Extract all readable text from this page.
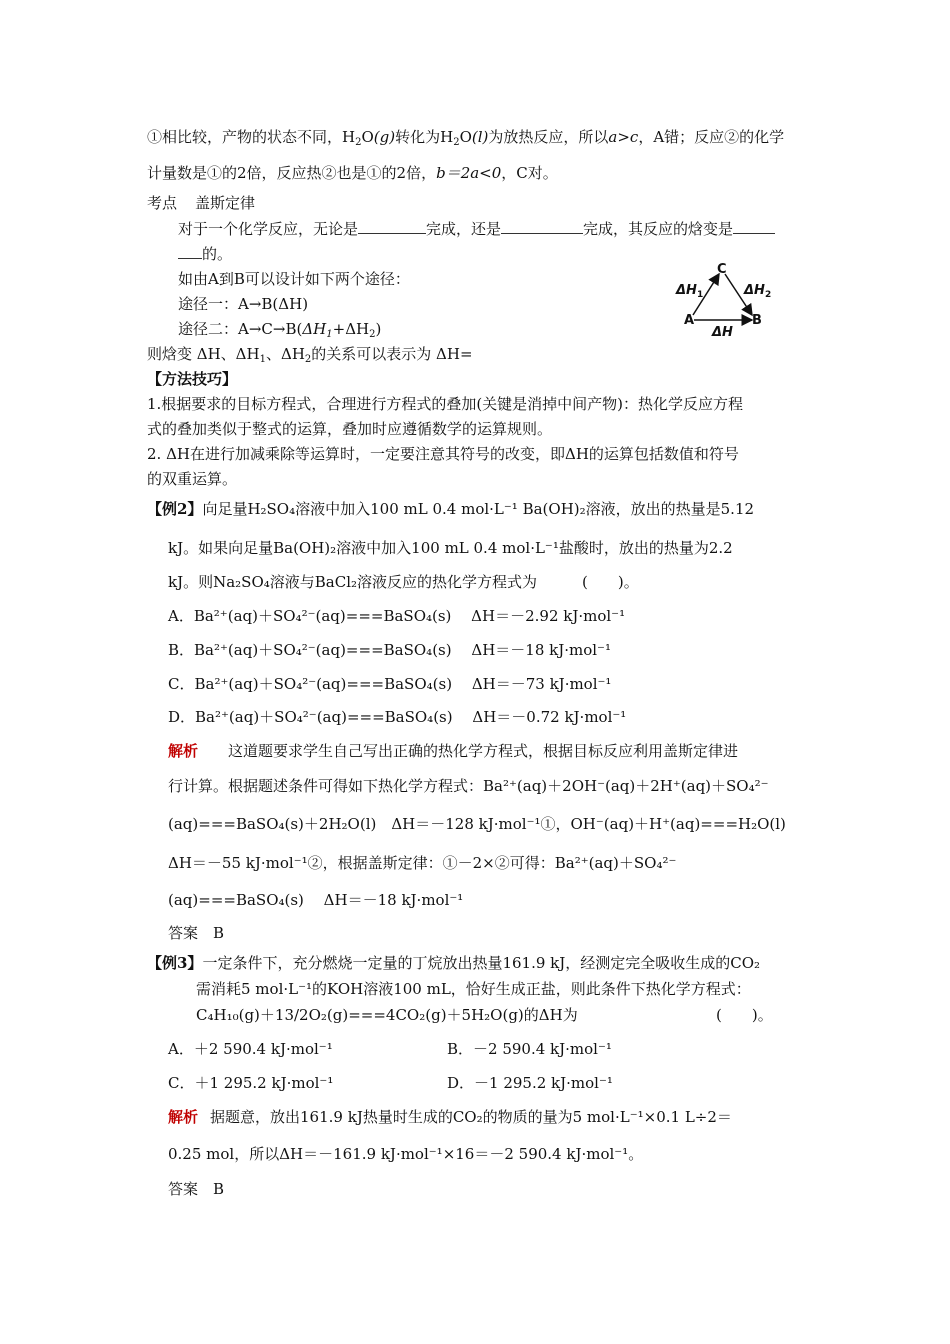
①相比较，产物的状态不同，$H_2O(g)$转化为$H_2O(l)$为放热反应，所以a>c，A错；反应②的化学
计量数是①的2倍，反应热②也是①的2倍，b＝2a<0，C对。
考点 盖斯定律
对于一个化学反应，无论是	完成，还是	完成，其反应的焓变是
的。
如由A到B可以设计如下两个途径：
途径一：A→B(ΔH)
途径二：$A\to C\to B(\Delta H_1+\Delta H_2)$
则焓变 ΔH、$\Delta H_1$、$\Delta H_2$的关系可以表示为 ΔH=
C
A	B
$\Delta H_1$	$\Delta H_2$
ΔH
【方法技巧】
1.根据要求的目标方程式，合理进行方程式的叠加(关键是消掉中间产物)：热化学反应方程
式的叠加类似于整式的运算，叠加时应遵循数学的运算规则。
2. ΔH在进行加减乘除等运算时，一定要注意其符号的改变，即ΔH的运算包括数值和符号
的双重运算。
【例2】向足量H₂SO₄溶液中加入100 mL 0.4 mol·L⁻¹ Ba(OH)₂溶液，放出的热量是5.12
kJ。如果向足量Ba(OH)₂溶液中加入100 mL 0.4 mol·L⁻¹盐酸时，放出的热量为2.2
kJ。则Na₂SO₄溶液与BaCl₂溶液反应的热化学方程式为　　　(　　)。
A．Ba²⁺(aq)＋SO₄²⁻(aq)===BaSO₄(s)　 ΔH＝－2.92 kJ·mol⁻¹
B．Ba²⁺(aq)＋SO₄²⁻(aq)===BaSO₄(s)　 ΔH＝－18 kJ·mol⁻¹
C．Ba²⁺(aq)＋SO₄²⁻(aq)===BaSO₄(s)　 ΔH＝－73 kJ·mol⁻¹
D．Ba²⁺(aq)＋SO₄²⁻(aq)===BaSO₄(s)　 ΔH＝－0.72 kJ·mol⁻¹
解析 这道题要求学生自己写出正确的热化学方程式，根据目标反应利用盖斯定律进
行计算。根据题述条件可得如下热化学方程式：Ba²⁺(aq)＋2OH⁻(aq)＋2H⁺(aq)＋SO₄²⁻
(aq)===BaSO₄(s)＋2H₂O(l)　ΔH＝－128 kJ·mol⁻¹①，OH⁻(aq)＋H⁺(aq)===H₂O(l)
ΔH＝－55 kJ·mol⁻¹②，根据盖斯定律：①－2×②可得：Ba²⁺(aq)＋SO₄²⁻
(aq)===BaSO₄(s)　 ΔH＝－18 kJ·mol⁻¹
答案　B
【例3】一定条件下，充分燃烧一定量的丁烷放出热量161.9 kJ，经测定完全吸收生成的CO₂
需消耗5 mol·L⁻¹的KOH溶液100 mL，恰好生成正盐，则此条件下热化学方程式：
C₄H₁₀(g)＋13/2O₂(g)===4CO₂(g)＋5H₂O(g)的ΔH为	(　　)。
A．＋2 590.4 kJ·mol⁻¹	B．－2 590.4 kJ·mol⁻¹
C．＋1 295.2 kJ·mol⁻¹	D．－1 295.2 kJ·mol⁻¹
解析 据题意，放出161.9 kJ热量时生成的CO₂的物质的量为5 mol·L⁻¹×0.1 L÷2＝
0.25 mol，所以ΔH＝－161.9 kJ·mol⁻¹×16＝－2 590.4 kJ·mol⁻¹。
答案　B
